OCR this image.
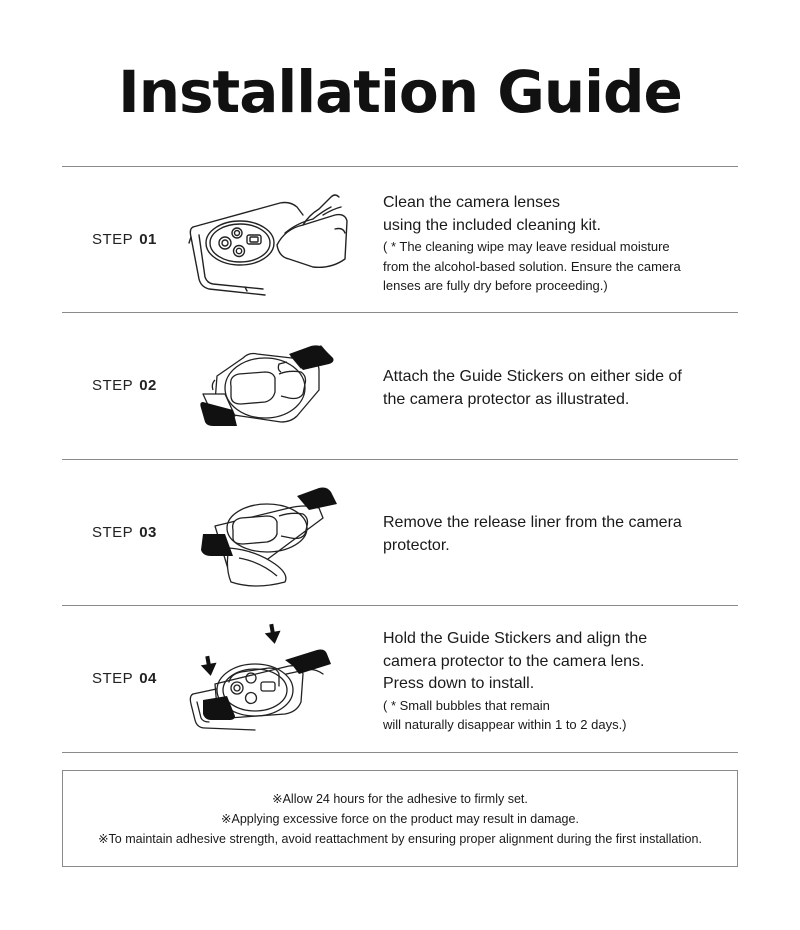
Installation Guide
STEP 01
Clean the camera lenses
using the included cleaning kit.
( * The cleaning wipe may leave residual moisture
from the alcohol-based solution. Ensure the camera
lenses are fully dry before proceeding.)
STEP 02
Attach the Guide Stickers on either side of
the camera protector as illustrated.
STEP 03
Remove the release liner from the camera
protector.
STEP 04
Hold the Guide Stickers and align the
camera protector to the camera lens.
Press down to install.
( * Small bubbles that remain
will naturally disappear within 1 to 2 days.)
※Allow 24 hours for the adhesive to firmly set.
※Applying excessive force on the product may result in damage.
※To maintain adhesive strength, avoid reattachment by ensuring proper alignment during the first installation.
